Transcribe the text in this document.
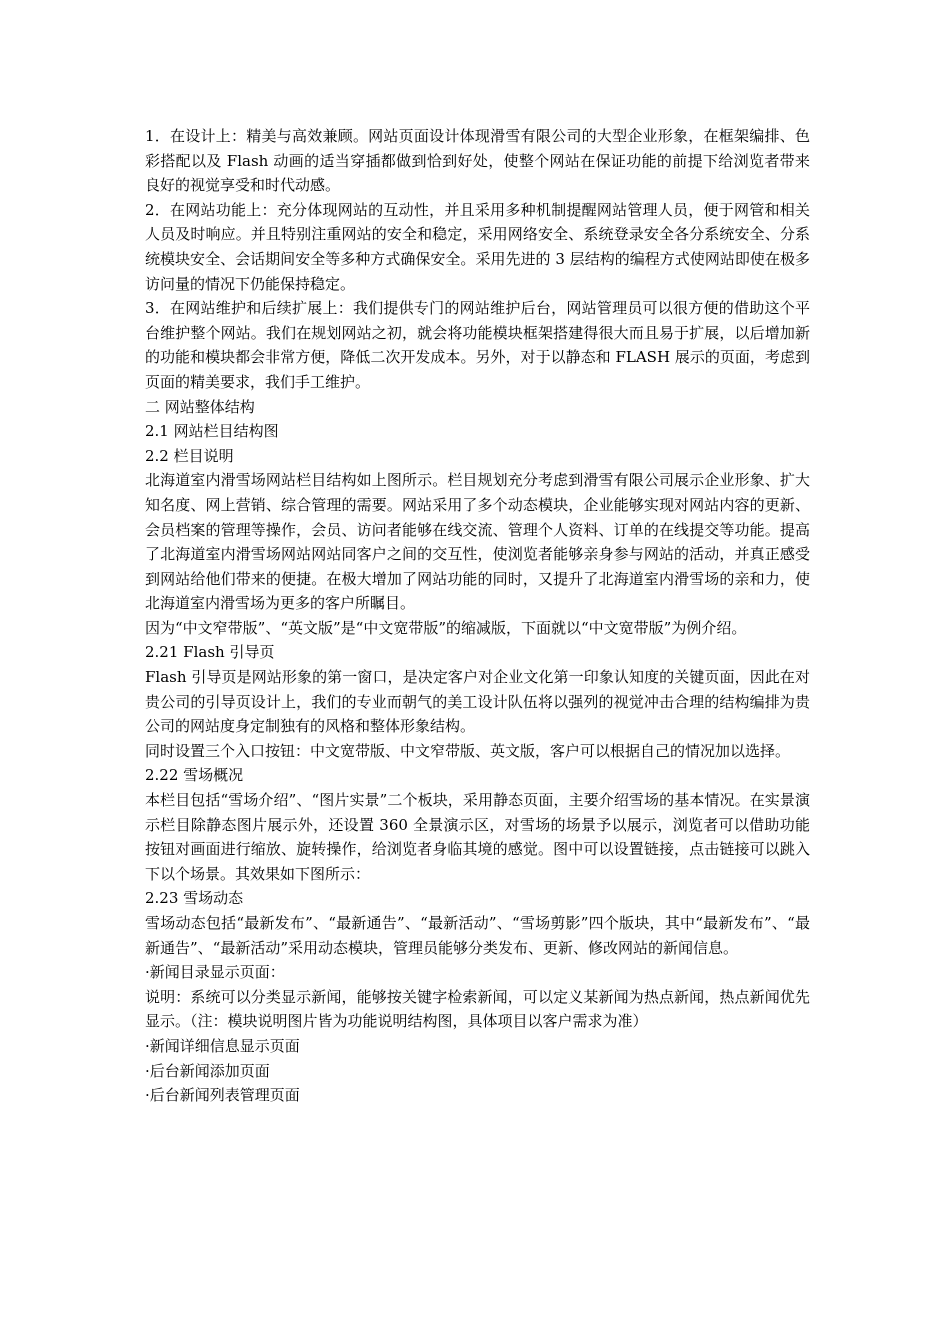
1．在设计上：精美与高效兼顾。网站页面设计体现滑雪有限公司的大型企业形象，在框架编排、色彩搭配以及 Flash 动画的适当穿插都做到恰到好处，使整个网站在保证功能的前提下给浏览者带来良好的视觉享受和时代动感。

2．在网站功能上：充分体现网站的互动性，并且采用多种机制提醒网站管理人员，便于网管和相关人员及时响应。并且特别注重网站的安全和稳定，采用网络安全、系统登录安全各分系统安全、分系统模块安全、会话期间安全等多种方式确保安全。采用先进的 3 层结构的编程方式使网站即使在极多访问量的情况下仍能保持稳定。

3．在网站维护和后续扩展上：我们提供专门的网站维护后台，网站管理员可以很方便的借助这个平台维护整个网站。我们在规划网站之初，就会将功能模块框架搭建得很大而且易于扩展，以后增加新的功能和模块都会非常方便，降低二次开发成本。另外，对于以静态和 FLASH 展示的页面，考虑到页面的精美要求，我们手工维护。

二 网站整体结构

2.1 网站栏目结构图

2.2 栏目说明

北海道室内滑雪场网站栏目结构如上图所示。栏目规划充分考虑到滑雪有限公司展示企业形象、扩大知名度、网上营销、综合管理的需要。网站采用了多个动态模块，企业能够实现对网站内容的更新、会员档案的管理等操作，会员、访问者能够在线交流、管理个人资料、订单的在线提交等功能。提高了北海道室内滑雪场网站网站同客户之间的交互性，使浏览者能够亲身参与网站的活动，并真正感受到网站给他们带来的便捷。在极大增加了网站功能的同时，又提升了北海道室内滑雪场的亲和力，使北海道室内滑雪场为更多的客户所瞩目。

因为“中文窄带版”、“英文版”是“中文宽带版”的缩减版，下面就以“中文宽带版”为例介绍。

2.21 Flash 引导页

Flash 引导页是网站形象的第一窗口，是决定客户对企业文化第一印象认知度的关键页面，因此在对贵公司的引导页设计上，我们的专业而朝气的美工设计队伍将以强列的视觉冲击合理的结构编排为贵公司的网站度身定制独有的风格和整体形象结构。

同时设置三个入口按钮：中文宽带版、中文窄带版、英文版，客户可以根据自己的情况加以选择。

2.22 雪场概况

本栏目包括“雪场介绍”、“图片实景”二个板块，采用静态页面，主要介绍雪场的基本情况。在实景演示栏目除静态图片展示外，还设置 360 全景演示区，对雪场的场景予以展示，浏览者可以借助功能按钮对画面进行缩放、旋转操作，给浏览者身临其境的感觉。图中可以设置链接，点击链接可以跳入下以个场景。其效果如下图所示：

2.23 雪场动态

雪场动态包括“最新发布”、“最新通告”、“最新活动”、“雪场剪影”四个版块，其中“最新发布”、“最新通告”、“最新活动”采用动态模块，管理员能够分类发布、更新、修改网站的新闻信息。

·新闻目录显示页面：

说明：系统可以分类显示新闻，能够按关键字检索新闻，可以定义某新闻为热点新闻，热点新闻优先显示。（注：模块说明图片皆为功能说明结构图，具体项目以客户需求为准）

·新闻详细信息显示页面

·后台新闻添加页面

·后台新闻列表管理页面
